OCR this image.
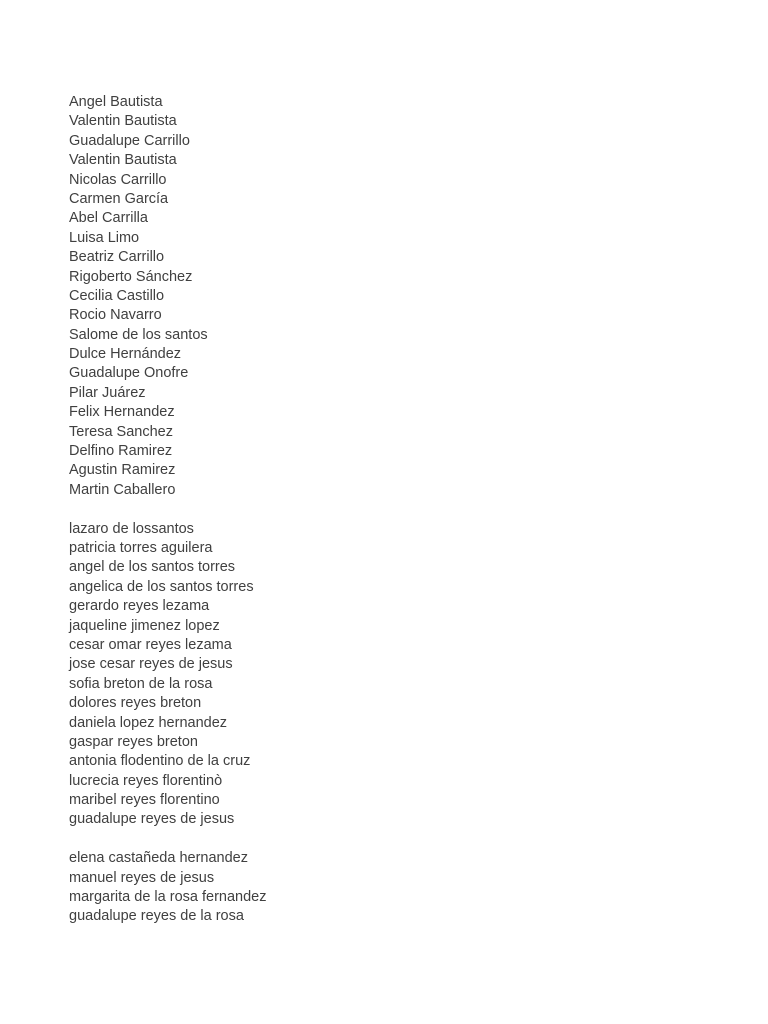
Angel Bautista
Valentin Bautista
Guadalupe Carrillo
Valentin Bautista
Nicolas Carrillo
Carmen García
Abel Carrilla
Luisa Limo
Beatriz Carrillo
Rigoberto Sánchez
Cecilia Castillo
Rocio Navarro
Salome de los santos
Dulce Hernández
Guadalupe Onofre
Pilar Juárez
Felix Hernandez
Teresa Sanchez
Delfino Ramirez
Agustin Ramirez
Martin Caballero
lazaro de lossantos
patricia torres aguilera
angel de los santos torres
angelica de los santos torres
gerardo reyes lezama
jaqueline jimenez lopez
cesar omar reyes lezama
jose cesar reyes de jesus
sofia breton de la rosa
dolores reyes breton
daniela lopez hernandez
gaspar reyes breton
antonia flodentino de la cruz
lucrecia reyes florentinò
maribel reyes florentino
guadalupe reyes de jesus
elena castañeda hernandez
manuel reyes de jesus
margarita de la rosa fernandez
guadalupe reyes de la rosa
